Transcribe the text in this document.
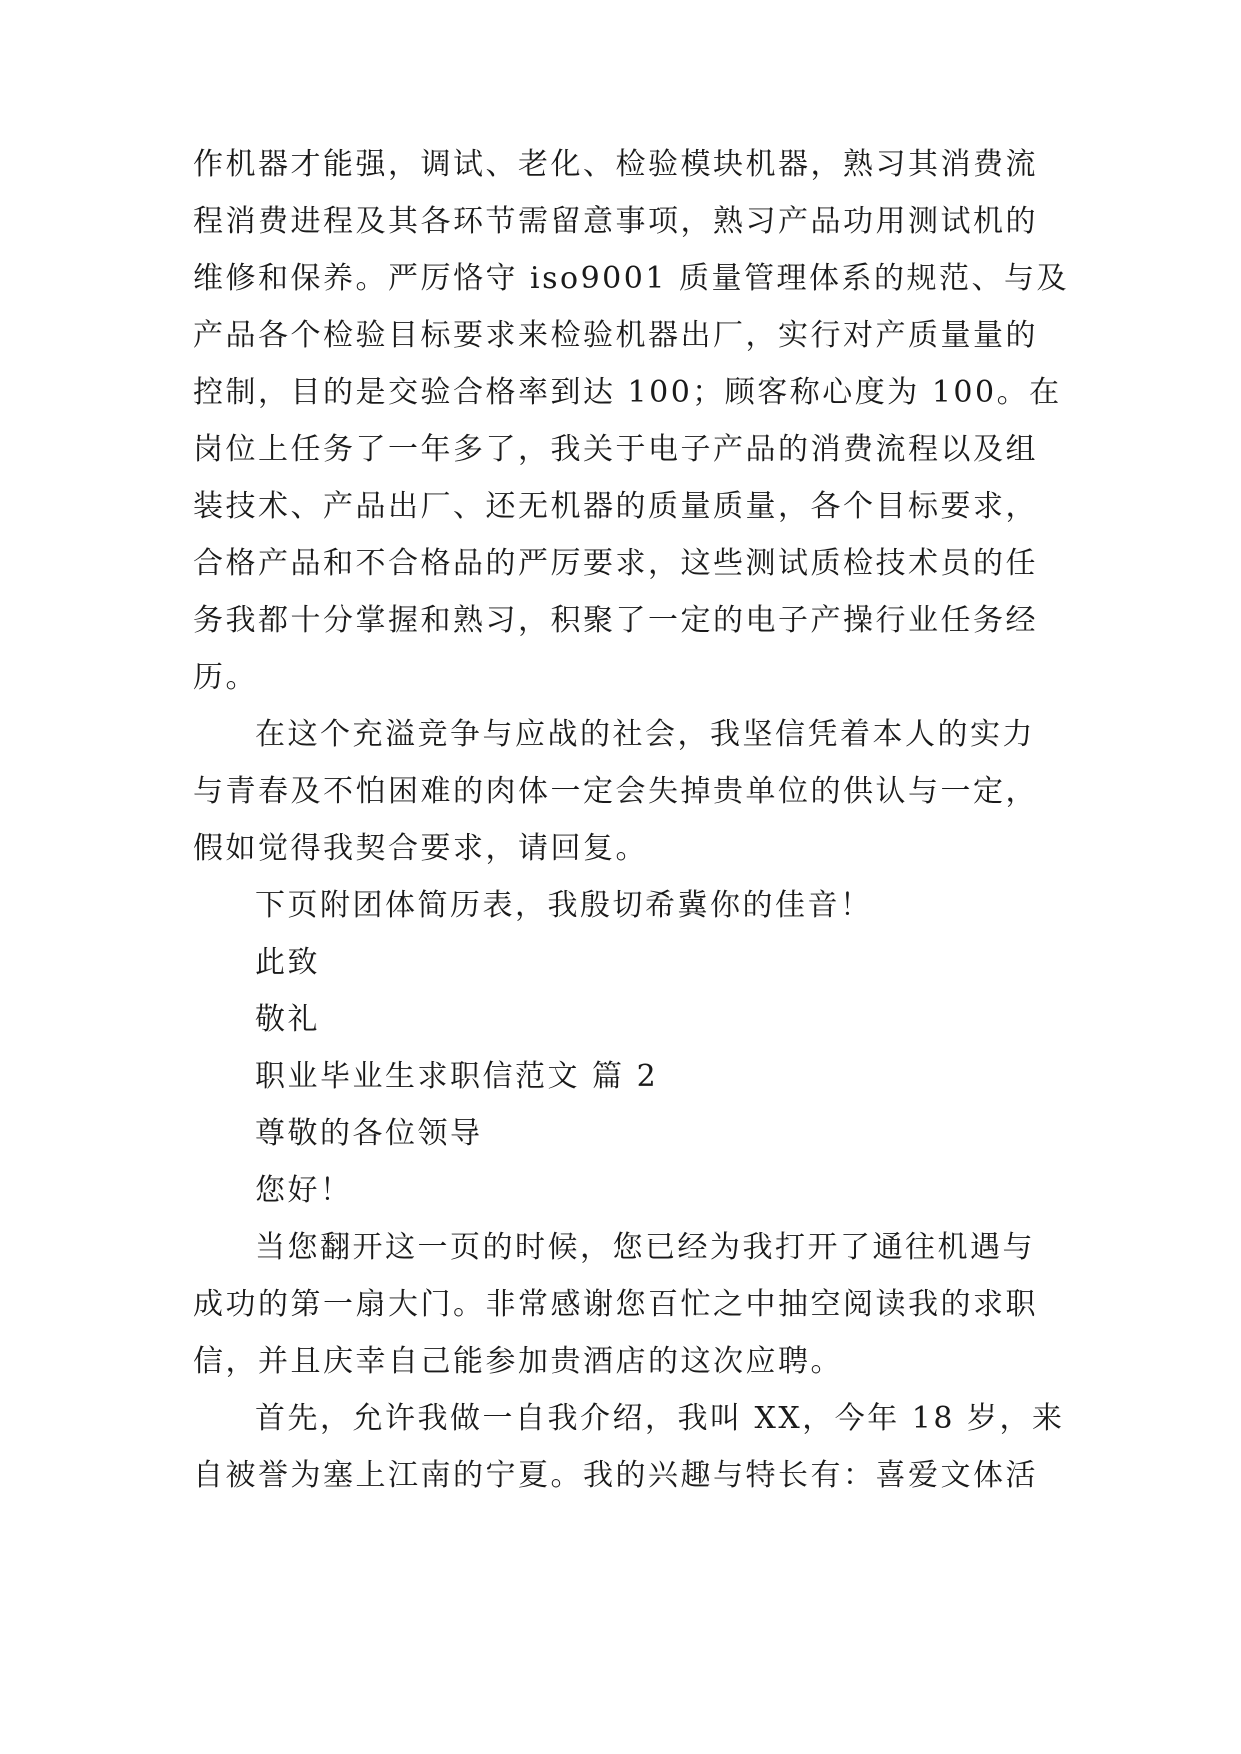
作机器才能强，调试、老化、检验模块机器，熟习其消费流
程消费进程及其各环节需留意事项，熟习产品功用测试机的
维修和保养。严厉恪守 iso9001 质量管理体系的规范、与及
产品各个检验目标要求来检验机器出厂，实行对产质量量的
控制，目的是交验合格率到达 100；顾客称心度为 100。在
岗位上任务了一年多了，我关于电子产品的消费流程以及组
装技术、产品出厂、还无机器的质量质量，各个目标要求，
合格产品和不合格品的严厉要求，这些测试质检技术员的任
务我都十分掌握和熟习，积聚了一定的电子产操行业任务经
历。
在这个充溢竞争与应战的社会，我坚信凭着本人的实力
与青春及不怕困难的肉体一定会失掉贵单位的供认与一定，
假如觉得我契合要求，请回复。
下页附团体简历表，我殷切希冀你的佳音！
此致
敬礼
职业毕业生求职信范文 篇 2
尊敬的各位领导
您好！
当您翻开这一页的时候，您已经为我打开了通往机遇与
成功的第一扇大门。非常感谢您百忙之中抽空阅读我的求职
信，并且庆幸自己能参加贵酒店的这次应聘。
首先，允许我做一自我介绍，我叫 XX，今年 18 岁，来
自被誉为塞上江南的宁夏。我的兴趣与特长有：喜爱文体活
